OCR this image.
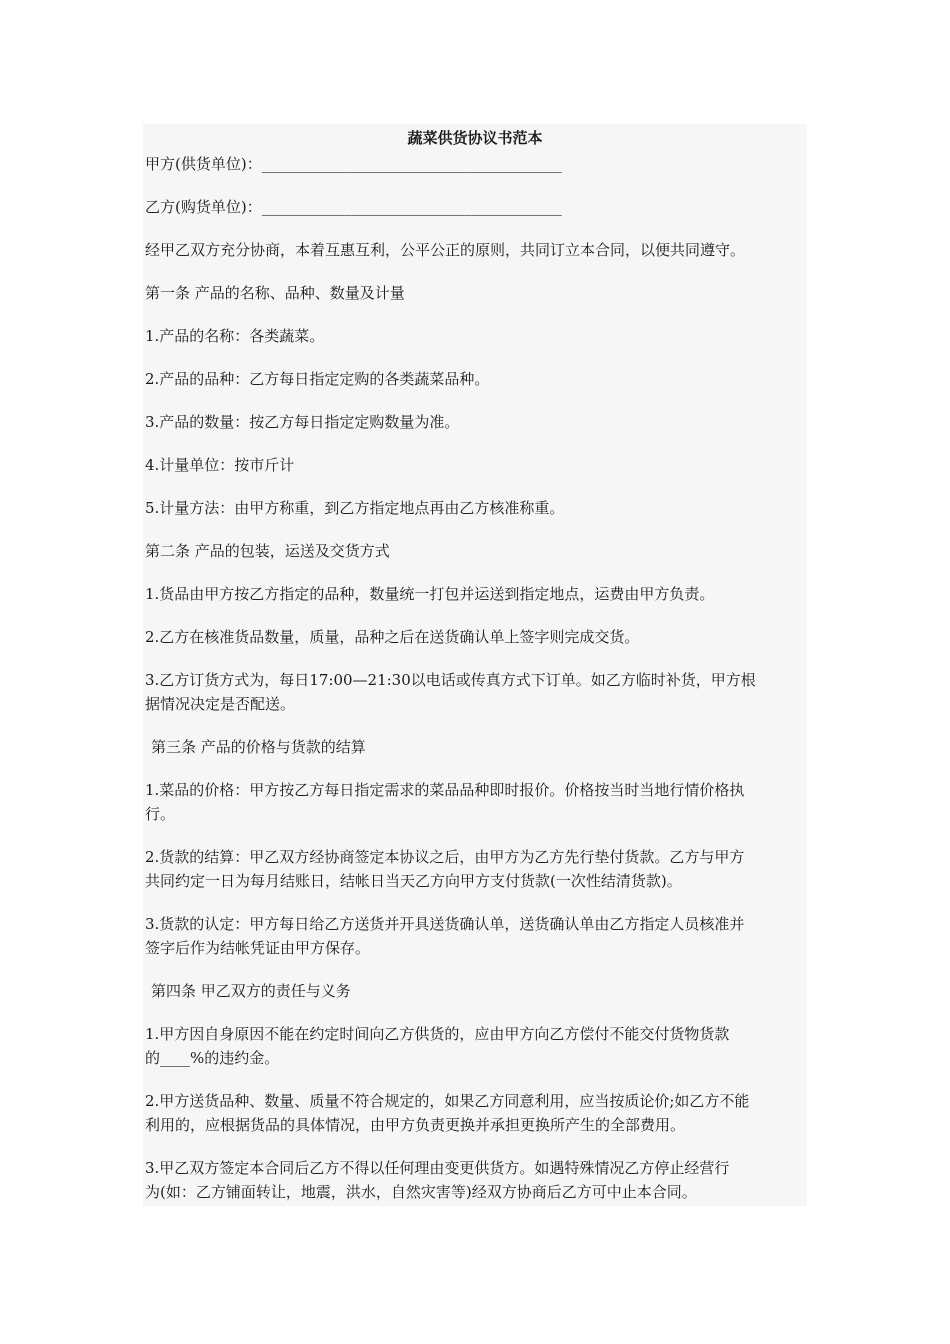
蔬菜供货协议书范本
甲方(供货单位)：________________________________________
乙方(购货单位)：________________________________________
经甲乙双方充分协商，本着互惠互利，公平公正的原则，共同订立本合同，以便共同遵守。
第一条 产品的名称、品种、数量及计量
1.产品的名称：各类蔬菜。
2.产品的品种：乙方每日指定定购的各类蔬菜品种。
3.产品的数量：按乙方每日指定定购数量为准。
4.计量单位：按市斤计
5.计量方法：由甲方称重，到乙方指定地点再由乙方核准称重。
第二条 产品的包装，运送及交货方式
1.货品由甲方按乙方指定的品种，数量统一打包并运送到指定地点，运费由甲方负责。
2.乙方在核准货品数量，质量，品种之后在送货确认单上签字则完成交货。
3.乙方订货方式为，每日17:00—21:30以电话或传真方式下订单。如乙方临时补货，甲方根
据情况决定是否配送。
第三条 产品的价格与货款的结算
1.菜品的价格：甲方按乙方每日指定需求的菜品品种即时报价。价格按当时当地行情价格执
行。
2.货款的结算：甲乙双方经协商签定本协议之后，由甲方为乙方先行垫付货款。乙方与甲方
共同约定一日为每月结账日，结帐日当天乙方向甲方支付货款(一次性结清货款)。
3.货款的认定：甲方每日给乙方送货并开具送货确认单，送货确认单由乙方指定人员核准并
签字后作为结帐凭证由甲方保存。
第四条 甲乙双方的责任与义务
1.甲方因自身原因不能在约定时间向乙方供货的，应由甲方向乙方偿付不能交付货物货款
的____%的违约金。
2.甲方送货品种、数量、质量不符合规定的，如果乙方同意利用，应当按质论价;如乙方不能
利用的，应根据货品的具体情况，由甲方负责更换并承担更换所产生的全部费用。
3.甲乙双方签定本合同后乙方不得以任何理由变更供货方。如遇特殊情况乙方停止经营行
为(如：乙方铺面转让，地震，洪水，自然灾害等)经双方协商后乙方可中止本合同。
